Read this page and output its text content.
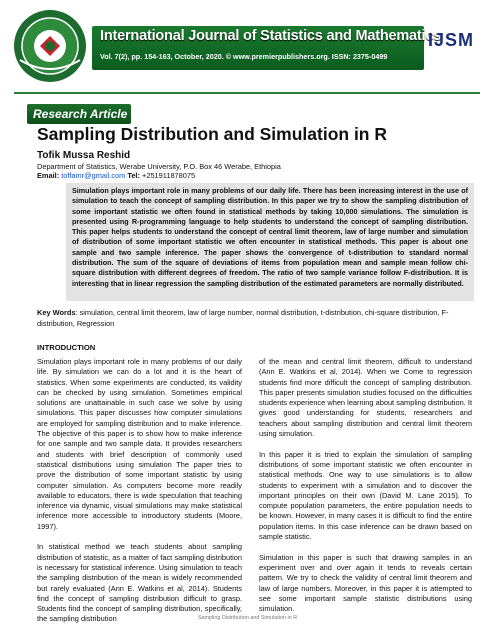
International Journal of Statistics and Mathematics
Vol. 7(2), pp. 154-163, October, 2020. © www.premierpublishers.org. ISSN: 2375-0499
IJSM
Research Article
Sampling Distribution and Simulation in R
Tofik Mussa Reshid
Department of Statistics, Werabe University, P.O. Box 46 Werabe, Ethiopia
Email: toffamr@gmail.com Tel: +251911878075
Simulation plays important role in many problems of our daily life. There has been increasing interest in the use of simulation to teach the concept of sampling distribution. In this paper we try to show the sampling distribution of some important statistic we often found in statistical methods by taking 10,000 simulations. The simulation is presented using R-programming language to help students to understand the concept of sampling distribution. This paper helps students to understand the concept of central limit theorem, law of large number and simulation of distribution of some important statistic we often encounter in statistical methods. This paper is about one sample and two sample inference. The paper shows the convergence of t-distribution to standard normal distribution. The sum of the square of deviations of items from population mean and sample mean follow chi-square distribution with different degrees of freedom. The ratio of two sample variance follow F-distribution. It is interesting that in linear regression the sampling distribution of the estimated parameters are normally distributed.
Key Words: simulation, central limit theorem, law of large number, normal distribution, t-distribution, chi-square distribution, F-distribution, Regression
INTRODUCTION

Simulation plays important role in many problems of our daily life. By simulation we can do a lot and it is the heart of statistics. When some experiments are conducted, its validity can be checked by using simulation. Sometimes empirical solutions are unattainable in such case we solve by using simulations. This paper discusses how computer simulations are employed for sampling distribution and to make inference. The objective of this paper is to show how to make inference for one sample and two sample data. It provides researchers and students with brief description of commonly used statistical distributions using simulation The paper tries to prove the distribution of some important statistic by using computer simulation. As computers become more readily available to educators, there is wide speculation that teaching inference via dynamic, visual simulations may make statistical inference more accessible to introductory students (Moore, 1997).

In statistical method we teach students about sampling distribution of statistic, as a matter of fact sampling distribution is necessary for statistical inference. Using simulation to teach the sampling distribution of the mean is widely recommended but rarely evaluated (Ann E. Watkins et al, 2014). Students find the concept of sampling distribution difficult to grasp. Students find the concept of sampling distribution, specifically, the sampling distribution

of the mean and central limit theorem, difficult to understand (Ann E. Watkins et al, 2014). When we Come to regression students find more difficult the concept of sampling distribution. This paper presents simulation studies focused on the difficulties students experience when learning about sampling distribution. It gives good understanding for students, researchers and teachers about sampling distribution and central limit theorem using simulation.

In this paper it is tried to explain the simulation of sampling distributions of some important statistic we often encounter in statistical methods. One way to use simulations is to allow students to experiment with a simulation and to discover the important principles on their own (David M. Lane 2015). To compute population parameters, the entire population needs to be known. However, in many cases it is difficult to find the entire population items. In this case inference can be drawn based on sample statistic.

Simulation in this paper is such that drawing samples in an experiment over and over again it tends to reveals certain pattern. We try to check the validity of central limit theorem and law of large numbers. Moreover, in this paper it is attempted to see some important sample statistic distributions using simulation.

Sampling Distribution and Simulation in R
